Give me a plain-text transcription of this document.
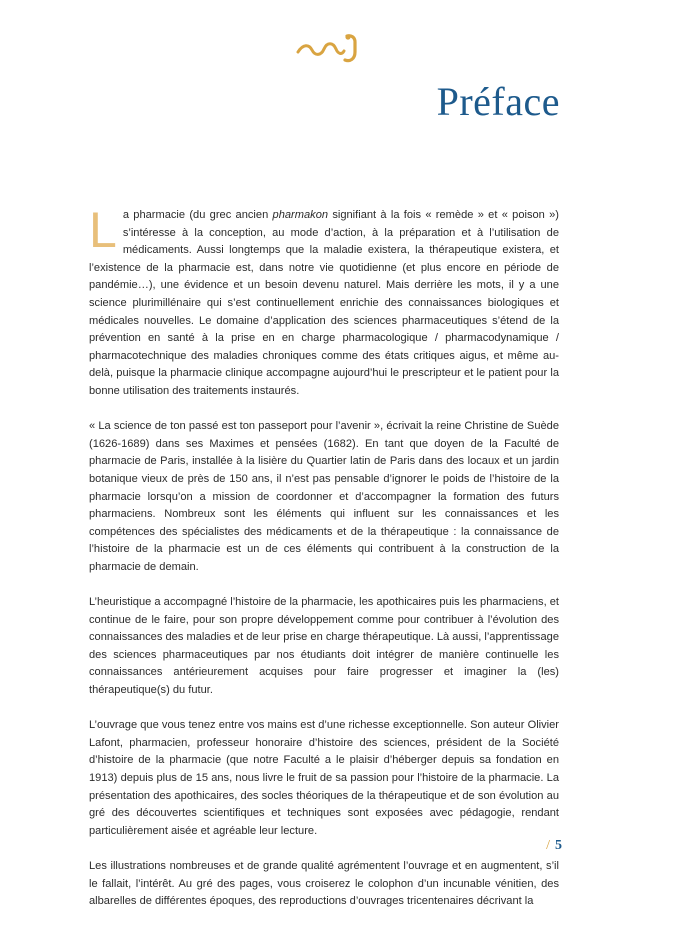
Préface

La pharmacie (du grec ancien pharmakon signifiant à la fois « remède » et « poison ») s’intéresse à la conception, au mode d’action, à la préparation et à l’utilisation de médicaments. Aussi longtemps que la maladie existera, la thérapeutique existera, et l’existence de la pharmacie est, dans notre vie quotidienne (et plus encore en période de pandémie…), une évidence et un besoin devenu naturel. Mais derrière les mots, il y a une science plurimillénaire qui s’est continuellement enrichie des connaissances biologiques et médicales nouvelles. Le domaine d’application des sciences pharmaceutiques s’étend de la prévention en santé à la prise en en charge pharmacologique / pharmacodynamique / pharmacotechnique des maladies chroniques comme des états critiques aigus, et même au-delà, puisque la pharmacie clinique accompagne aujourd’hui le prescripteur et le patient pour la bonne utilisation des traitements instaurés.

« La science de ton passé est ton passeport pour l’avenir », écrivait la reine Christine de Suède (1626-1689) dans ses Maximes et pensées (1682). En tant que doyen de la Faculté de pharmacie de Paris, installée à la lisière du Quartier latin de Paris dans des locaux et un jardin botanique vieux de près de 150 ans, il n’est pas pensable d’ignorer le poids de l’histoire de la pharmacie lorsqu’on a mission de coordonner et d’accompagner la formation des futurs pharmaciens. Nombreux sont les éléments qui influent sur les connaissances et les compétences des spécialistes des médicaments et de la thérapeutique : la connaissance de l’histoire de la pharmacie est un de ces éléments qui contribuent à la construction de la pharmacie de demain.

L’heuristique a accompagné l’histoire de la pharmacie, les apothicaires puis les pharmaciens, et continue de le faire, pour son propre développement comme pour contribuer à l’évolution des connaissances des maladies et de leur prise en charge thérapeutique. Là aussi, l’apprentissage des sciences pharmaceutiques par nos étudiants doit intégrer de manière continuelle les connaissances antérieurement acquises pour faire progresser et imaginer la (les) thérapeutique(s) du futur.

L’ouvrage que vous tenez entre vos mains est d’une richesse exceptionnelle. Son auteur Olivier Lafont, pharmacien, professeur honoraire d’histoire des sciences, président de la Société d’histoire de la pharmacie (que notre Faculté a le plaisir d’héberger depuis sa fondation en 1913) depuis plus de 15 ans, nous livre le fruit de sa passion pour l’histoire de la pharmacie. La présentation des apothicaires, des socles théoriques de la thérapeutique et de son évolution au gré des découvertes scientifiques et techniques sont exposées avec pédagogie, rendant particulièrement aisée et agréable leur lecture.

Les illustrations nombreuses et de grande qualité agrémentent l’ouvrage et en augmentent, s’il le fallait, l’intérêt. Au gré des pages, vous croiserez le colophon d’un incunable vénitien, des albarelles de différentes époques, des reproductions d’ouvrages tricentenaires décrivant la

/ 5
